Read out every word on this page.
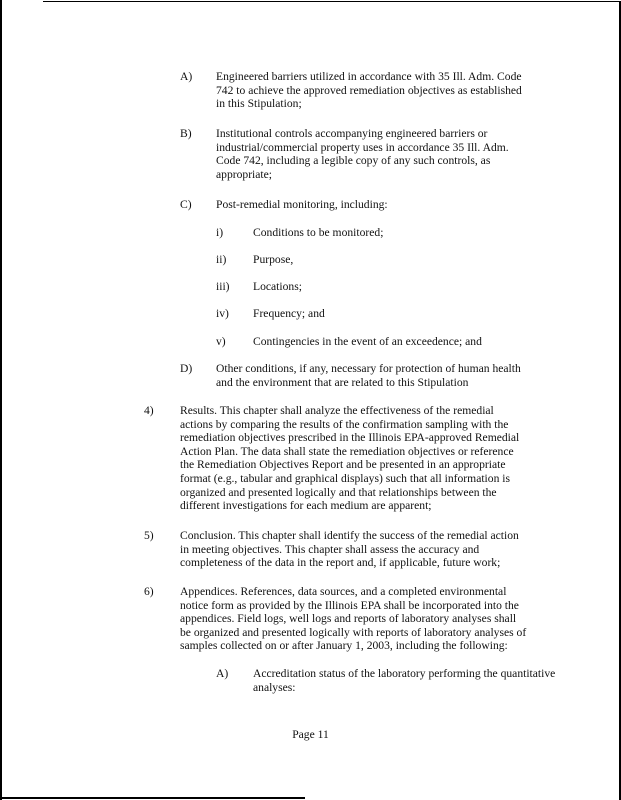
A) Engineered barriers utilized in accordance with 35 Ill. Adm. Code
742 to achieve the approved remediation objectives as established
in this Stipulation;
B) Institutional controls accompanying engineered barriers or
industrial/commercial property uses in accordance 35 Ill. Adm.
Code 742, including a legible copy of any such controls, as
appropriate;
C) Post-remedial monitoring, including:
i)	Conditions to be monitored;
ii) Purpose,
iii) Locations;
iv) Frequency; and
v) Contingencies in the event of an exceedence; and
D) Other conditions, if any, necessary for protection of human health
and the environment that are related to this Stipulation
4) Results. This chapter shall analyze the effectiveness of the remedial
actions by comparing the results of the confirmation sampling with the
remediation objectives prescribed in the Illinois EPA-approved Remedial
Action Plan. The data shall state the remediation objectives or reference
the Remediation Objectives Report and be presented in an appropriate
format (e.g., tabular and graphical displays) such that all information is
organized and presented logically and that relationships between the
different investigations for each medium are apparent;
5) Conclusion. This chapter shall identify the success of the remedial action
in meeting objectives. This chapter shall assess the accuracy and
completeness of the data in the report and, if applicable, future work;
6) Appendices. References, data sources, and a completed environmental
notice form as provided by the Illinois EPA shall be incorporated into the
appendices. Field logs, well logs and reports of laboratory analyses shall
be organized and presented logically with reports of laboratory analyses of
samples collected on or after January 1, 2003, including the following:
A) Accreditation status of the laboratory performing the quantitative
analyses:
Page 11
